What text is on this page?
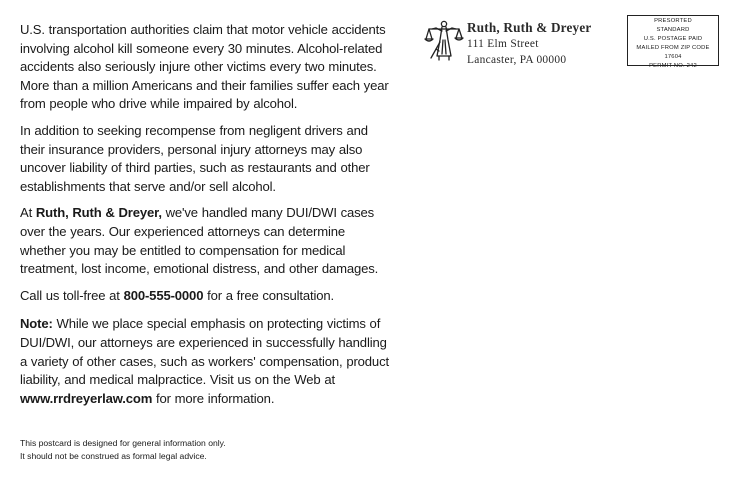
U.S. transportation authorities claim that motor vehicle accidents involving alcohol kill someone every 30 minutes. Alcohol-related accidents also seriously injure other victims every two minutes. More than a million Americans and their families suffer each year from people who drive while impaired by alcohol.

In addition to seeking recompense from negligent drivers and their insurance providers, personal injury attorneys may also uncover liability of third parties, such as restaurants and other establishments that serve and/or sell alcohol.

At Ruth, Ruth & Dreyer, we've handled many DUI/DWI cases over the years. Our experienced attorneys can determine whether you may be entitled to compensation for medical treatment, lost income, emotional distress, and other damages.

Call us toll-free at 800-555-0000 for a free consultation.

Note: While we place special emphasis on protecting victims of DUI/DWI, our attorneys are experienced in successfully handling a variety of other cases, such as workers' compensation, product liability, and medical malpractice. Visit us on the Web at www.rrdreyerlaw.com for more information.

This postcard is designed for general information only.
It should not be construed as formal legal advice.
Ruth, Ruth & Dreyer
111 Elm Street
Lancaster, PA 00000
PRESORTED
STANDARD
U.S. POSTAGE PAID
MAILED FROM ZIP CODE 17604
PERMIT NO. 242
